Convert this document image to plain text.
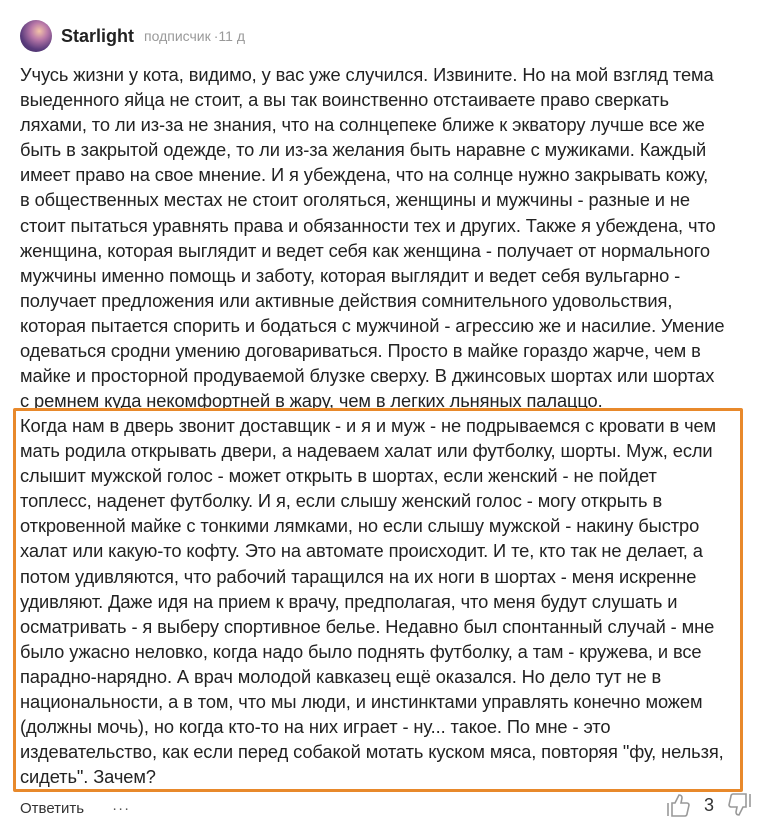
Starlight подписчик · 11 д
Учусь жизни у кота, видимо, у вас уже случился. Извините. Но на мой взгляд тема
выеденного яйца не стоит, а вы так воинственно отстаиваете право сверкать
ляхами, то ли из-за не знания, что на солнцепеке ближе к экватору лучше все же
быть в закрытой одежде, то ли из-за желания быть наравне с мужиками. Каждый
имеет право на свое мнение. И я убеждена, что на солнце нужно закрывать кожу,
в общественных местах не стоит оголяться, женщины и мужчины - разные и не
стоит пытаться уравнять права и обязанности тех и других. Также я убеждена, что
женщина, которая выглядит и ведет себя как женщина - получает от нормального
мужчины именно помощь и заботу, которая выглядит и ведет себя вульгарно -
получает предложения или активные действия сомнительного удовольствия,
которая пытается спорить и бодаться с мужчиной - агрессию же и насилие. Умение
одеваться сродни умению договариваться. Просто в майке гораздо жарче, чем в
майке и просторной продуваемой блузке сверху. В джинсовых шортах или шортах
с ремнем куда некомфортней в жару, чем в легких льняных палаццо.
Когда нам в дверь звонит доставщик - и я и муж - не подрываемся с кровати в чем
мать родила открывать двери, а надеваем халат или футболку, шорты. Муж, если
слышит мужской голос - может открыть в шортах, если женский - не пойдет
топлесс, наденет футболку. И я, если слышу женский голос - могу открыть в
откровенной майке с тонкими лямками, но если слышу мужской - накину быстро
халат или какую-то кофту. Это на автомате происходит. И те, кто так не делает, а
потом удивляются, что рабочий таращился на их ноги в шортах - меня искренне
удивляют. Даже идя на прием к врачу, предполагая, что меня будут слушать и
осматривать - я выберу спортивное белье. Недавно был спонтанный случай - мне
было ужасно неловко, когда надо было поднять футболку, а там - кружева, и все
парадно-нарядно. А врач молодой кавказец ещё оказался. Но дело тут не в
национальности, а в том, что мы люди, и инстинктами управлять конечно можем
(должны мочь), но когда кто-то на них играет - ну... такое. По мне - это
издевательство, как если перед собакой мотать куском мяса, повторяя "фу, нельзя,
сидеть". Зачем?
Ответить ···	3
